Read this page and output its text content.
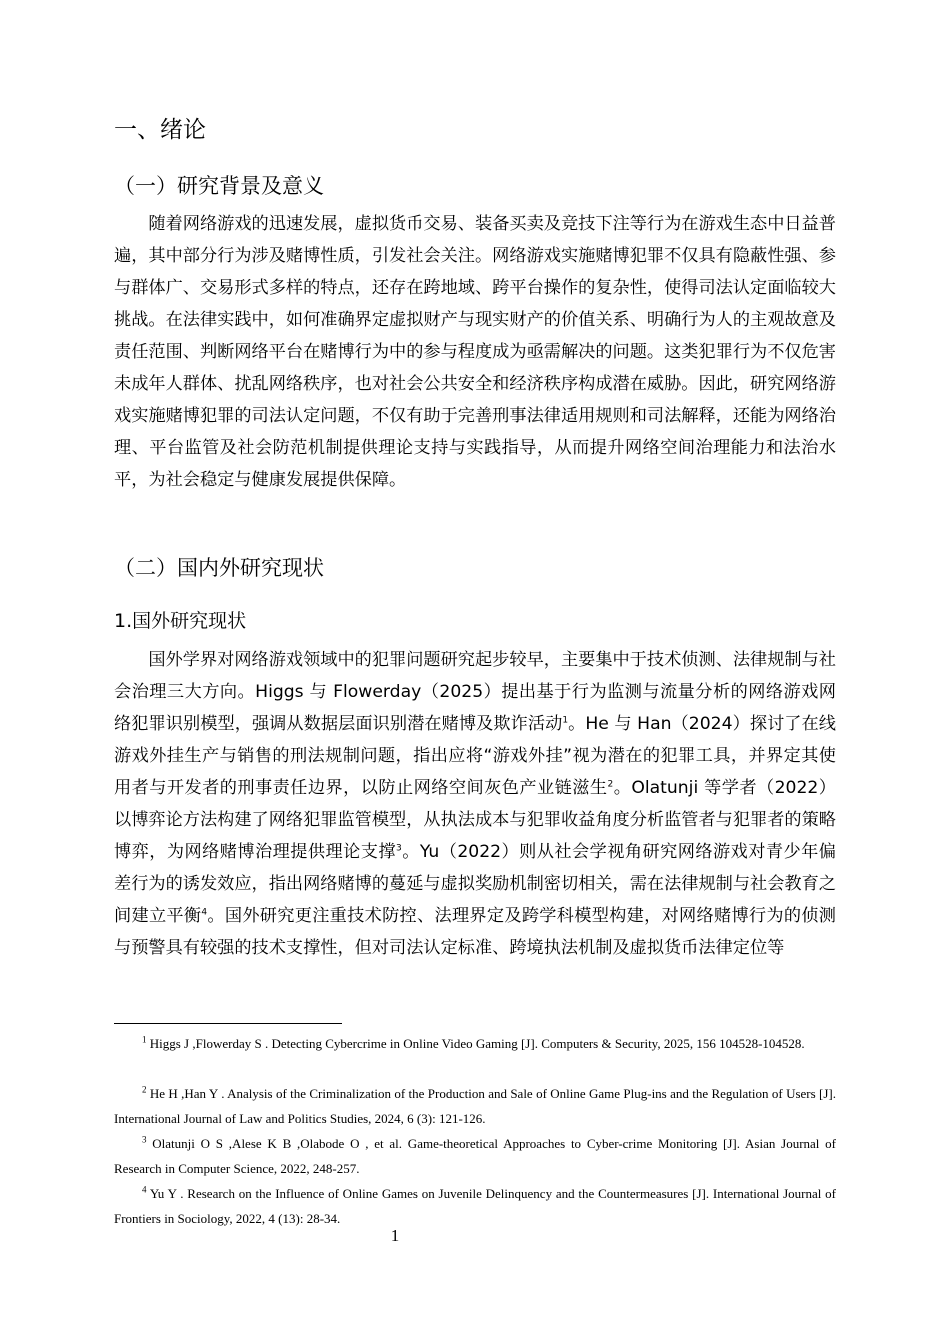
一、绪论
（一）研究背景及意义

随着网络游戏的迅速发展，虚拟货币交易、装备买卖及竞技下注等行为在游戏生态中日益普遍，其中部分行为涉及赌博性质，引发社会关注。网络游戏实施赌博犯罪不仅具有隐蔽性强、参与群体广、交易形式多样的特点，还存在跨地域、跨平台操作的复杂性，使得司法认定面临较大挑战。在法律实践中，如何准确界定虚拟财产与现实财产的价值关系、明确行为人的主观故意及责任范围、判断网络平台在赌博行为中的参与程度成为亟需解决的问题。这类犯罪行为不仅危害未成年人群体、扰乱网络秩序，也对社会公共安全和经济秩序构成潜在威胁。因此，研究网络游戏实施赌博犯罪的司法认定问题，不仅有助于完善刑事法律适用规则和司法解释，还能为网络治理、平台监管及社会防范机制提供理论支持与实践指导，从而提升网络空间治理能力和法治水平，为社会稳定与健康发展提供保障。

（二）国内外研究现状
1.国外研究现状

国外学界对网络游戏领域中的犯罪问题研究起步较早，主要集中于技术侦测、法律规制与社会治理三大方向。Higgs 与 Flowerday（2025）提出基于行为监测与流量分析的网络游戏网络犯罪识别模型，强调从数据层面识别潜在赌博及欺诈活动$^1$。He 与 Han（2024）探讨了在线游戏外挂生产与销售的刑法规制问题，指出应将“游戏外挂”视为潜在的犯罪工具，并界定其使用者与开发者的刑事责任边界，以防止网络空间灰色产业链滋生$^2$。Olatunji 等学者（2022）以博弈论方法构建了网络犯罪监管模型，从执法成本与犯罪收益角度分析监管者与犯罪者的策略博弈，为网络赌博治理提供理论支撑$^3$。Yu（2022）则从社会学视角研究网络游戏对青少年偏差行为的诱发效应，指出网络赌博的蔓延与虚拟奖励机制密切相关，需在法律规制与社会教育之间建立平衡$^4$。国外研究更注重技术防控、法理界定及跨学科模型构建，对网络赌博行为的侦测与预警具有较强的技术支撑性，但对司法认定标准、跨境执法机制及虚拟货币法律定位等

$^1$ Higgs J ,Flowerday S . Detecting Cybercrime in Online Video Gaming [J]. Computers & Security, 2025, 156 104528-104528.

$^2$ He H ,Han Y . Analysis of the Criminalization of the Production and Sale of Online Game Plug-ins and the Regulation of Users [J]. International Journal of Law and Politics Studies, 2024, 6 (3): 121-126.

$^3$ Olatunji O S ,Alese K B ,Olabode O , et al. Game-theoretical Approaches to Cyber-crime Monitoring [J]. Asian Journal of Research in Computer Science, 2022, 248-257.

$^4$ Yu Y . Research on the Influence of Online Games on Juvenile Delinquency and the Countermeasures [J]. International Journal of Frontiers in Sociology, 2022, 4 (13): 28-34.

1
